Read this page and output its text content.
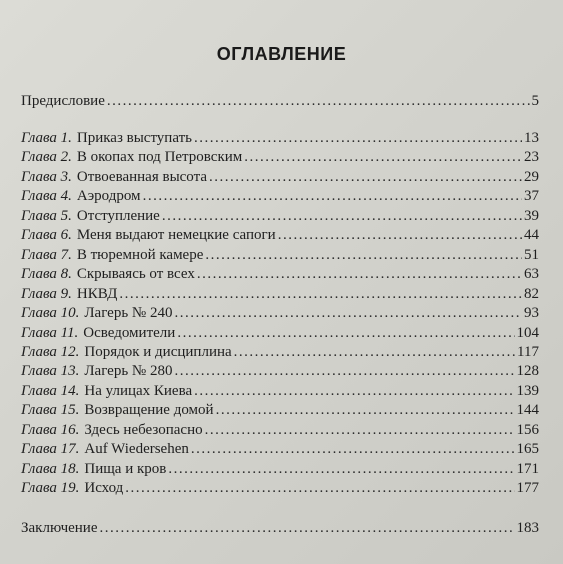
ОГЛАВЛЕНИЕ
Предисловие .....	5
Глава 1. Приказ выступать .....	13
Глава 2. В окопах под Петровским .....	23
Глава 3. Отвоеванная высота .....	29
Глава 4. Аэродром .....	37
Глава 5. Отступление .....	39
Глава 6. Меня выдают немецкие сапоги .....	44
Глава 7. В тюремной камере .....	51
Глава 8. Скрываясь от всех .....	63
Глава 9. НКВД .....	82
Глава 10. Лагерь № 240 .....	93
Глава 11. Осведомители .....	104
Глава 12. Порядок и дисциплина .....	117
Глава 13. Лагерь № 280 .....	128
Глава 14. На улицах Киева .....	139
Глава 15. Возвращение домой .....	144
Глава 16. Здесь небезопасно .....	156
Глава 17. Auf Wiedersehen .....	165
Глава 18. Пища и кров .....	171
Глава 19. Исход .....	177
Заключение .....	183
